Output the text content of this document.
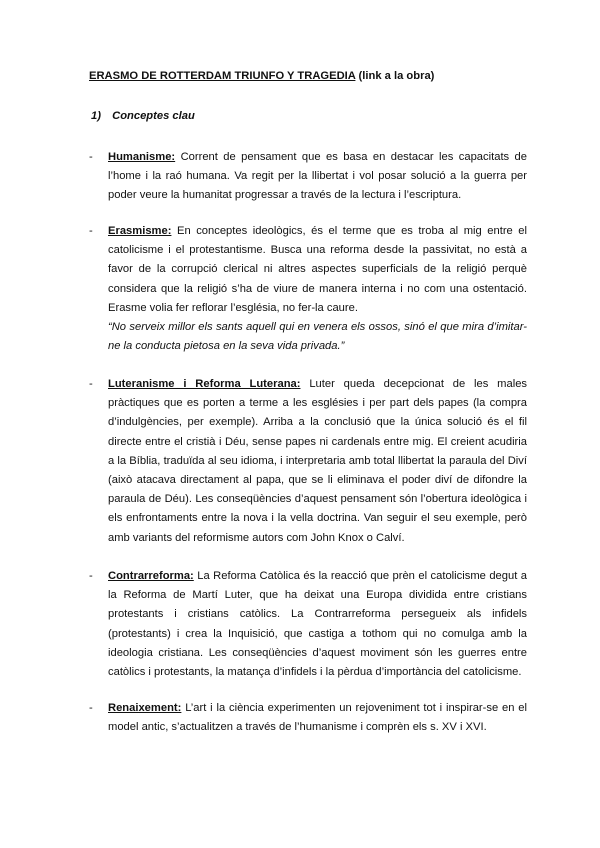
ERASMO DE ROTTERDAM TRIUNFO Y TRAGEDIA (link a la obra)
1) Conceptes clau
- Humanisme: Corrent de pensament que es basa en destacar les capacitats de l’home i la raó humana. Va regit per la llibertat i vol posar solució a la guerra per poder veure la humanitat progressar a través de la lectura i l’escriptura.
- Erasmisme: En conceptes ideològics, és el terme que es troba al mig entre el catolicisme i el protestantisme. Busca una reforma desde la passivitat, no està a favor de la corrupció clerical ni altres aspectes superficials de la religió perquè considera que la religió s’ha de viure de manera interna i no com una ostentació. Erasme volia fer reflorar l’església, no fer-la caure.
“No serveix millor els sants aquell qui en venera els ossos, sinó el que mira d’imitar-ne la conducta pietosa en la seva vida privada.”
- Luteranisme i Reforma Luterana: Luter queda decepcionat de les males pràctiques que es porten a terme a les esglésies i per part dels papes (la compra d’indulgències, per exemple). Arriba a la conclusió que la única solució és el fil directe entre el cristià i Déu, sense papes ni cardenals entre mig. El creient acudiria a la Bíblia, traduïda al seu idioma, i interpretaria amb total llibertat la paraula del Diví (això atacava directament al papa, que se li eliminava el poder diví de difondre la paraula de Déu). Les conseqüències d’aquest pensament són l’obertura ideològica i els enfrontaments entre la nova i la vella doctrina. Van seguir el seu exemple, però amb variants del reformisme autors com John Knox o Calví.
- Contrarreforma: La Reforma Catòlica és la reacció que prèn el catolicisme degut a la Reforma de Martí Luter, que ha deixat una Europa dividida entre cristians protestants i cristians catòlics. La Contrarreforma persegueix als infidels (protestants) i crea la Inquisició, que castiga a tothom qui no comulga amb la ideologia cristiana. Les conseqüències d’aquest moviment són les guerres entre catòlics i protestants, la matança d’infidels i la pèrdua d’importància del catolicisme.
- Renaixement: L’art i la ciència experimenten un rejoveniment tot i inspirar-se en el model antic, s’actualitzen a través de l’humanisme i comprèn els s. XV i XVI.
